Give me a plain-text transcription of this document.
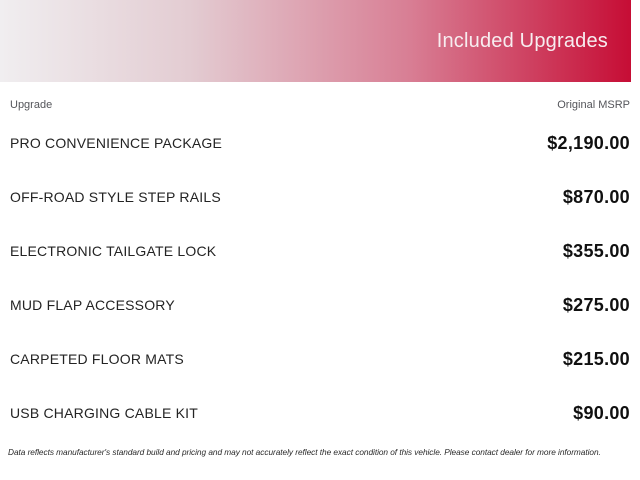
Included Upgrades
Upgrade	Original MSRP
PRO CONVENIENCE PACKAGE	$2,190.00
OFF-ROAD STYLE STEP RAILS	$870.00
ELECTRONIC TAILGATE LOCK	$355.00
MUD FLAP ACCESSORY	$275.00
CARPETED FLOOR MATS	$215.00
USB CHARGING CABLE KIT	$90.00
Data reflects manufacturer's standard build and pricing and may not accurately reflect the exact condition of this vehicle. Please contact dealer for more information.
